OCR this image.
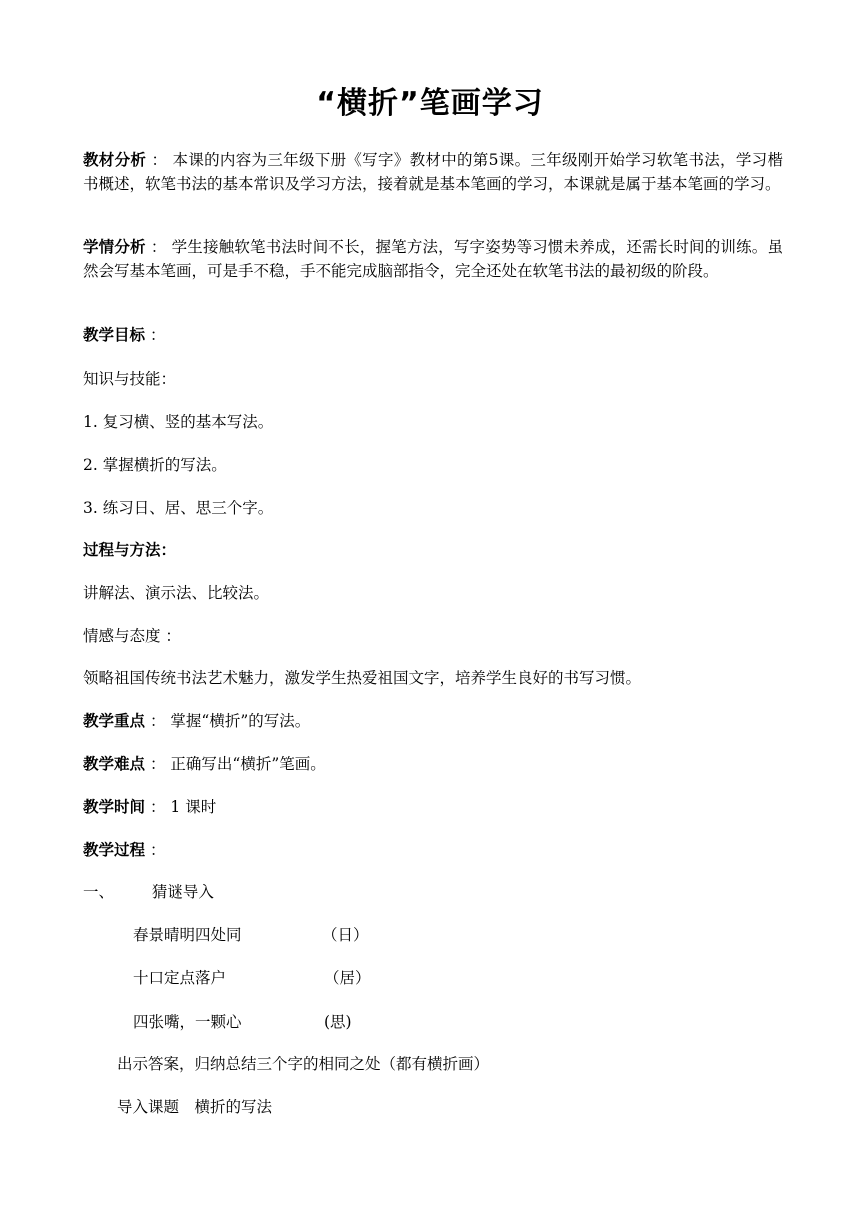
“横折”笔画学习
教材分析 ： 本课的内容为三年级下册《写字》教材中的第5课。三年级刚开始学习软笔书法，学习楷书概述，软笔书法的基本常识及学习方法，接着就是基本笔画的学习，本课就是属于基本笔画的学习。
学情分析 ： 学生接触软笔书法时间不长，握笔方法，写字姿势等习惯未养成，还需长时间的训练。虽然会写基本笔画，可是手不稳，手不能完成脑部指令，完全还处在软笔书法的最初级的阶段。
教学目标 ：
知识与技能：
1. 复习横、竖的基本写法。
2. 掌握横折的写法。
3. 练习日、居、思三个字。
过程与方法：
讲解法、演示法、比较法。
情感与态度 ：
领略祖国传统书法艺术魅力，激发学生热爱祖国文字，培养学生良好的书写习惯。
教学重点 ： 掌握“横折”的写法。
教学难点 ： 正确写出“横折”笔画。
教学时间 ： 1 课时
教学过程 ：
一、 猜谜导入
春景晴明四处同	（日）
十口定点落户	（居）
四张嘴，一颗心	(思)
出示答案，归纳总结三个字的相同之处（都有横折画）
导入课题　横折的写法
